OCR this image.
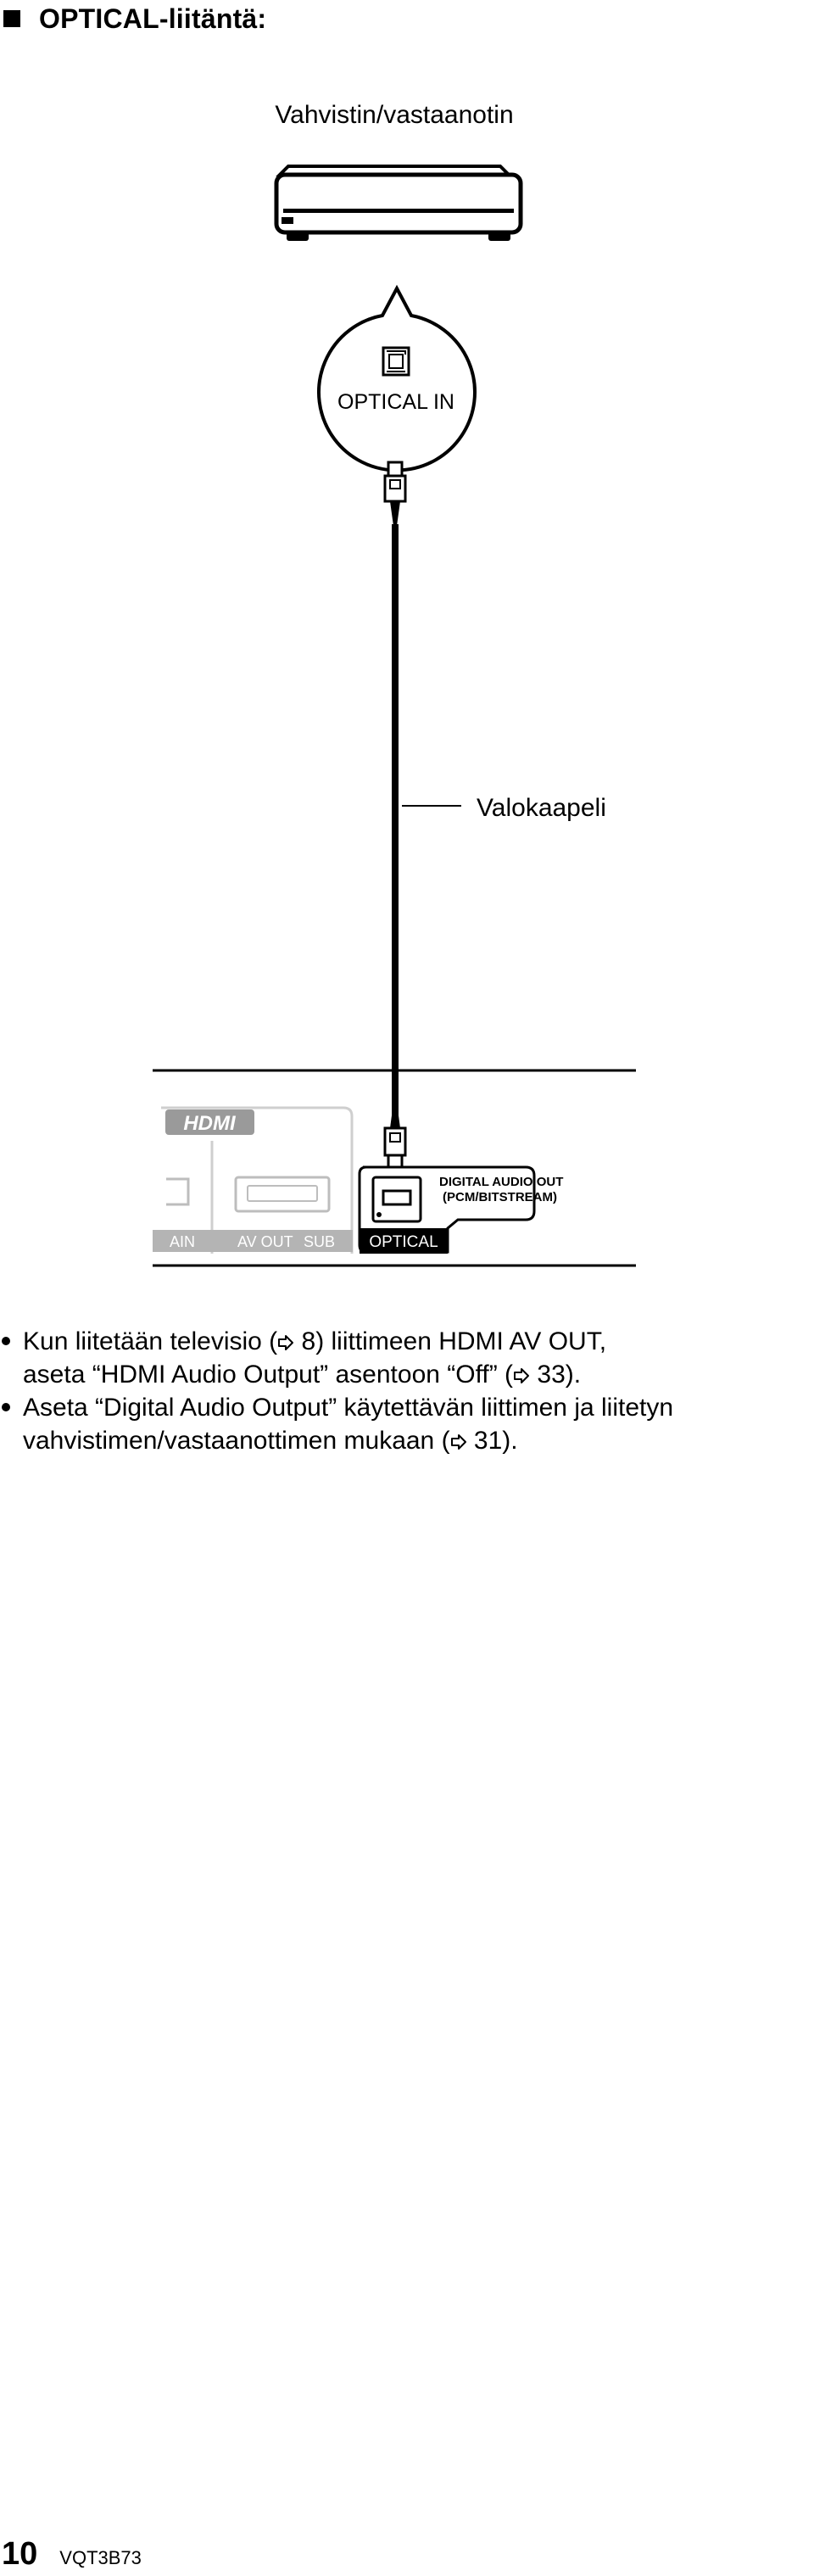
OPTICAL-liitäntä:
Vahvistin/vastaanotin
OPTICAL IN
Valokaapeli
HDMI
AIN	AV OUT SUB
DIGITAL AUDIO OUT
(PCM/BITSTREAM)
OPTICAL
Kun liitetään televisio ( 8) liittimeen HDMI AV OUT,
aseta “HDMI Audio Output” asentoon “Off” ( 33).
Aseta “Digital Audio Output” käytettävän liittimen ja liitetyn
vahvistimen/vastaanottimen mukaan ( 31).
10 VQT3B73
